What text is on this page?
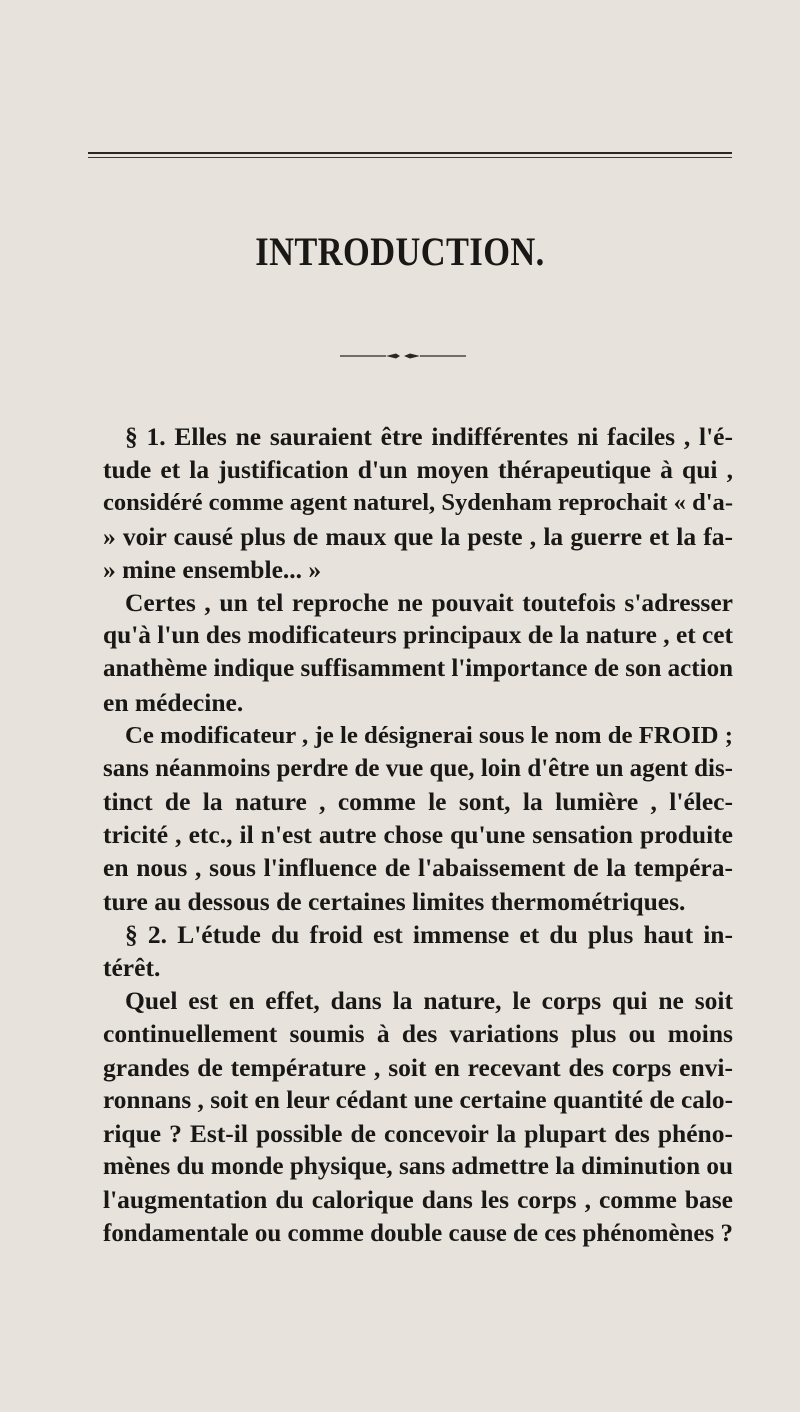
INTRODUCTION.
§ 1. Elles ne sauraient être indifférentes ni faciles , l'é-
tude et la justification d'un moyen thérapeutique à qui ,
considéré comme agent naturel, Sydenham reprochait « d'a-
» voir causé plus de maux que la peste , la guerre et la fa-
» mine ensemble... »
Certes , un tel reproche ne pouvait toutefois s'adresser
qu'à l'un des modificateurs principaux de la nature , et cet
anathème indique suffisamment l'importance de son action
en médecine.
Ce modificateur , je le désignerai sous le nom de FROID ;
sans néanmoins perdre de vue que, loin d'être un agent dis-
tinct de la nature , comme le sont, la lumière , l'élec-
tricité , etc., il n'est autre chose qu'une sensation produite
en nous , sous l'influence de l'abaissement de la tempéra-
ture au dessous de certaines limites thermométriques.
§ 2. L'étude du froid est immense et du plus haut in-
térêt.
Quel est en effet, dans la nature, le corps qui ne soit
continuellement soumis à des variations plus ou moins
grandes de température , soit en recevant des corps envi-
ronnans , soit en leur cédant une certaine quantité de calo-
rique ? Est-il possible de concevoir la plupart des phéno-
mènes du monde physique, sans admettre la diminution ou
l'augmentation du calorique dans les corps , comme base
fondamentale ou comme double cause de ces phénomènes ?
